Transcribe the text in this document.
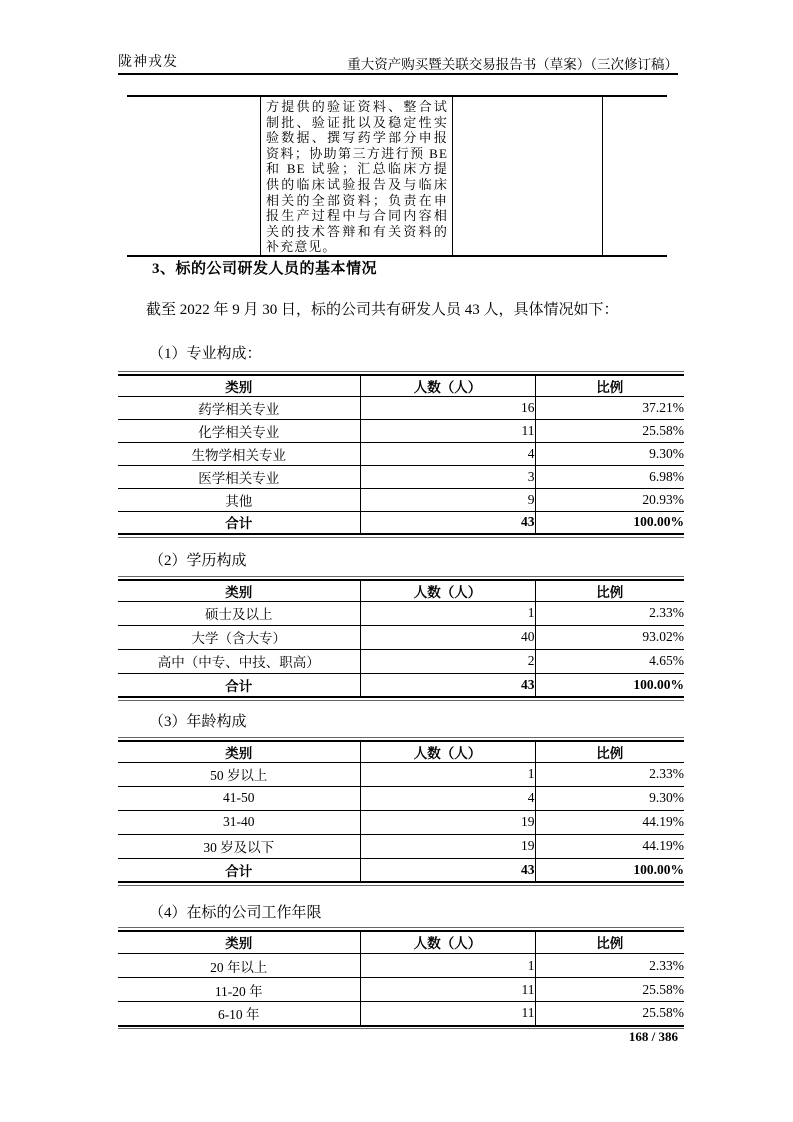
陇神戎发	重大资产购买暨关联交易报告书（草案）（三次修订稿）
方提供的验证资料、整合试制批、验证批以及稳定性实验数据、撰写药学部分申报资料；协助第三方进行预 BE 和 BE 试验；汇总临床方提供的临床试验报告及与临床相关的全部资料；负责在申报生产过程中与合同内容相关的技术答辩和有关资料的补充意见。
3、标的公司研发人员的基本情况
截至 2022 年 9 月 30 日，标的公司共有研发人员 43 人，具体情况如下：
（1）专业构成：
类别	人数（人）	比例
药学相关专业	16	37.21%
化学相关专业	11	25.58%
生物学相关专业	4	9.30%
医学相关专业	3	6.98%
其他	9	20.93%
合计	43	100.00%
（2）学历构成
类别	人数（人）	比例
硕士及以上	1	2.33%
大学（含大专）	40	93.02%
高中（中专、中技、职高）	2	4.65%
合计	43	100.00%
（3）年龄构成
类别	人数（人）	比例
50 岁以上	1	2.33%
41-50	4	9.30%
31-40	19	44.19%
30 岁及以下	19	44.19%
合计	43	100.00%
（4）在标的公司工作年限
类别	人数（人）	比例
20 年以上	1	2.33%
11-20 年	11	25.58%
6-10 年	11	25.58%
168 / 386
